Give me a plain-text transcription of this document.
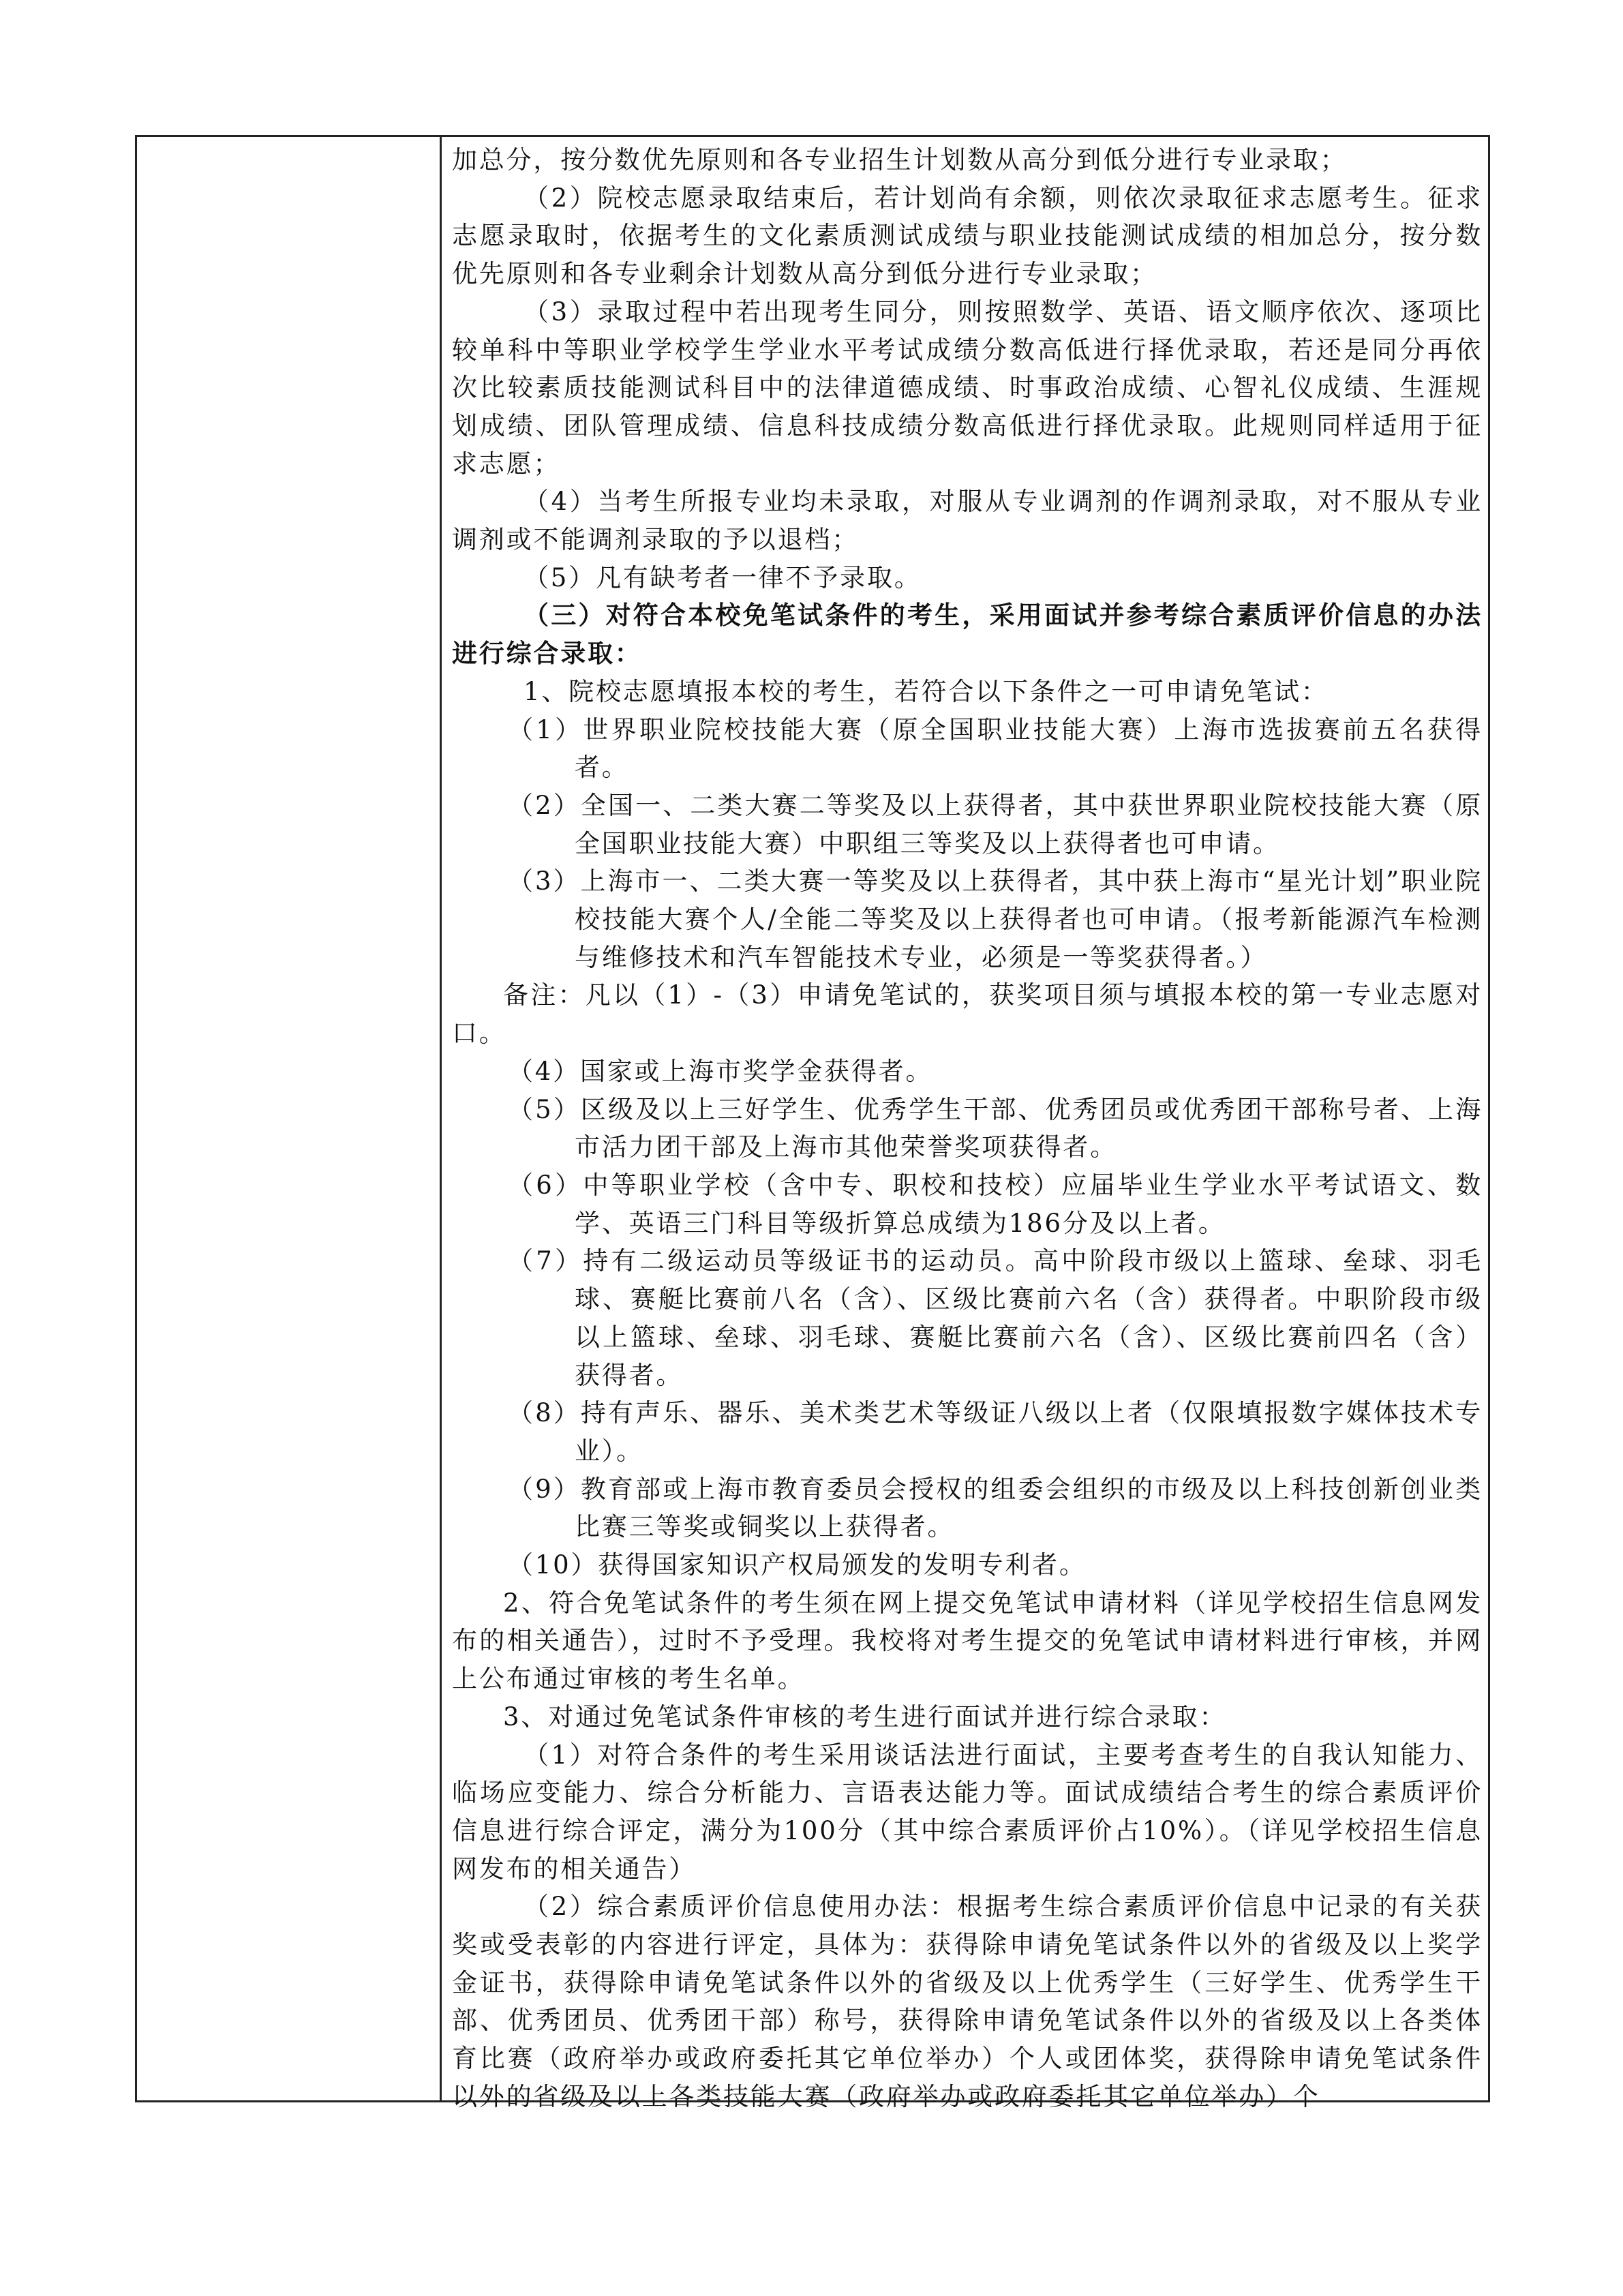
加总分，按分数优先原则和各专业招生计划数从高分到低分进行专业录取；

（2）院校志愿录取结束后，若计划尚有余额，则依次录取征求志愿考生。征求志愿录取时，依据考生的文化素质测试成绩与职业技能测试成绩的相加总分，按分数优先原则和各专业剩余计划数从高分到低分进行专业录取；

（3）录取过程中若出现考生同分，则按照数学、英语、语文顺序依次、逐项比较单科中等职业学校学生学业水平考试成绩分数高低进行择优录取，若还是同分再依次比较素质技能测试科目中的法律道德成绩、时事政治成绩、心智礼仪成绩、生涯规划成绩、团队管理成绩、信息科技成绩分数高低进行择优录取。此规则同样适用于征求志愿；

（4）当考生所报专业均未录取，对服从专业调剂的作调剂录取，对不服从专业调剂或不能调剂录取的予以退档；

（5）凡有缺考者一律不予录取。

（三）对符合本校免笔试条件的考生，采用面试并参考综合素质评价信息的办法进行综合录取：

1、院校志愿填报本校的考生，若符合以下条件之一可申请免笔试：

（1）世界职业院校技能大赛（原全国职业技能大赛）上海市选拔赛前五名获得者。

（2）全国一、二类大赛二等奖及以上获得者，其中获世界职业院校技能大赛（原全国职业技能大赛）中职组三等奖及以上获得者也可申请。

（3）上海市一、二类大赛一等奖及以上获得者，其中获上海市“星光计划”职业院校技能大赛个人/全能二等奖及以上获得者也可申请。（报考新能源汽车检测与维修技术和汽车智能技术专业，必须是一等奖获得者。）

备注：凡以（1）-（3）申请免笔试的，获奖项目须与填报本校的第一专业志愿对口。

（4）国家或上海市奖学金获得者。

（5）区级及以上三好学生、优秀学生干部、优秀团员或优秀团干部称号者、上海市活力团干部及上海市其他荣誉奖项获得者。

（6）中等职业学校（含中专、职校和技校）应届毕业生学业水平考试语文、数学、英语三门科目等级折算总成绩为186分及以上者。

（7）持有二级运动员等级证书的运动员。高中阶段市级以上篮球、垒球、羽毛球、赛艇比赛前八名（含）、区级比赛前六名（含）获得者。中职阶段市级以上篮球、垒球、羽毛球、赛艇比赛前六名（含）、区级比赛前四名（含）获得者。

（8）持有声乐、器乐、美术类艺术等级证八级以上者（仅限填报数字媒体技术专业）。

（9）教育部或上海市教育委员会授权的组委会组织的市级及以上科技创新创业类比赛三等奖或铜奖以上获得者。

（10）获得国家知识产权局颁发的发明专利者。

2、符合免笔试条件的考生须在网上提交免笔试申请材料（详见学校招生信息网发布的相关通告），过时不予受理。我校将对考生提交的免笔试申请材料进行审核，并网上公布通过审核的考生名单。

3、对通过免笔试条件审核的考生进行面试并进行综合录取：

（1）对符合条件的考生采用谈话法进行面试，主要考查考生的自我认知能力、临场应变能力、综合分析能力、言语表达能力等。面试成绩结合考生的综合素质评价信息进行综合评定，满分为100分（其中综合素质评价占10%）。（详见学校招生信息网发布的相关通告）

（2）综合素质评价信息使用办法：根据考生综合素质评价信息中记录的有关获奖或受表彰的内容进行评定，具体为：获得除申请免笔试条件以外的省级及以上奖学金证书，获得除申请免笔试条件以外的省级及以上优秀学生（三好学生、优秀学生干部、优秀团员、优秀团干部）称号，获得除申请免笔试条件以外的省级及以上各类体育比赛（政府举办或政府委托其它单位举办）个人或团体奖，获得除申请免笔试条件以外的省级及以上各类技能大赛（政府举办或政府委托其它单位举办）个
